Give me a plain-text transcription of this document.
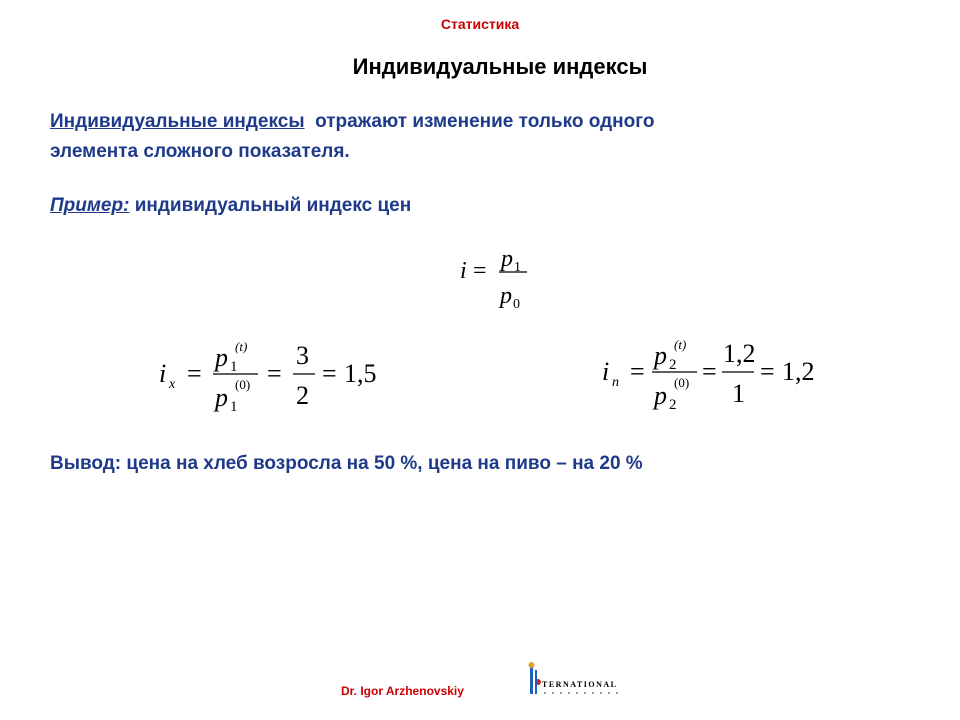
Статистика
Индивидуальные индексы
Индивидуальные индексы отражают изменение только одного
элемента сложного показателя.
Пример: индивидуальный индекс цен
i = p 1
p 0
i x =
p 1
(t)
p 1
(0) =
3
2
= 1,5	i n =
p 2
(t)
p 2
(0) =
1,2
1
= 1,2
Вывод: цена на хлеб возросла на 50 %, цена на пиво – на 20 %
Dr. Igor Arzhenovskiy	TERNATIONAL
